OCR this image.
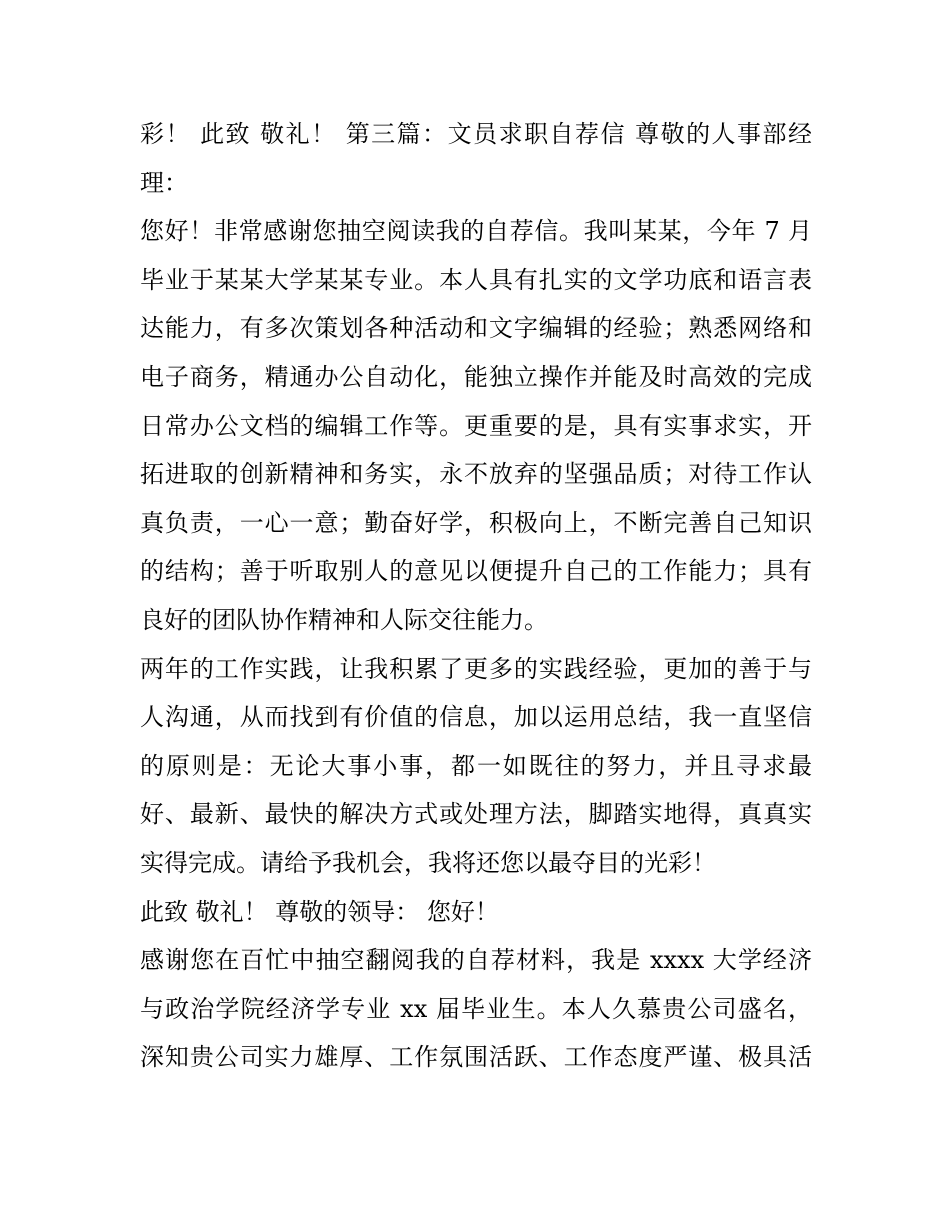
彩！ 此致 敬礼！ 第三篇：文员求职自荐信 尊敬的人事部经
理：
您好！非常感谢您抽空阅读我的自荐信。我叫某某，今年 7 月
毕业于某某大学某某专业。本人具有扎实的文学功底和语言表
达能力，有多次策划各种活动和文字编辑的经验；熟悉网络和
电子商务，精通办公自动化，能独立操作并能及时高效的完成
日常办公文档的编辑工作等。更重要的是，具有实事求实，开
拓进取的创新精神和务实，永不放弃的坚强品质；对待工作认
真负责，一心一意；勤奋好学，积极向上，不断完善自己知识
的结构；善于听取别人的意见以便提升自己的工作能力；具有
良好的团队协作精神和人际交往能力。
两年的工作实践，让我积累了更多的实践经验，更加的善于与
人沟通，从而找到有价值的信息，加以运用总结，我一直坚信
的原则是：无论大事小事，都一如既往的努力，并且寻求最
好、最新、最快的解决方式或处理方法，脚踏实地得，真真实
实得完成。请给予我机会，我将还您以最夺目的光彩！
此致 敬礼！ 尊敬的领导： 您好！
感谢您在百忙中抽空翻阅我的自荐材料，我是 xxxx 大学经济
与政治学院经济学专业 xx 届毕业生。本人久慕贵公司盛名，
深知贵公司实力雄厚、工作氛围活跃、工作态度严谨、极具活
